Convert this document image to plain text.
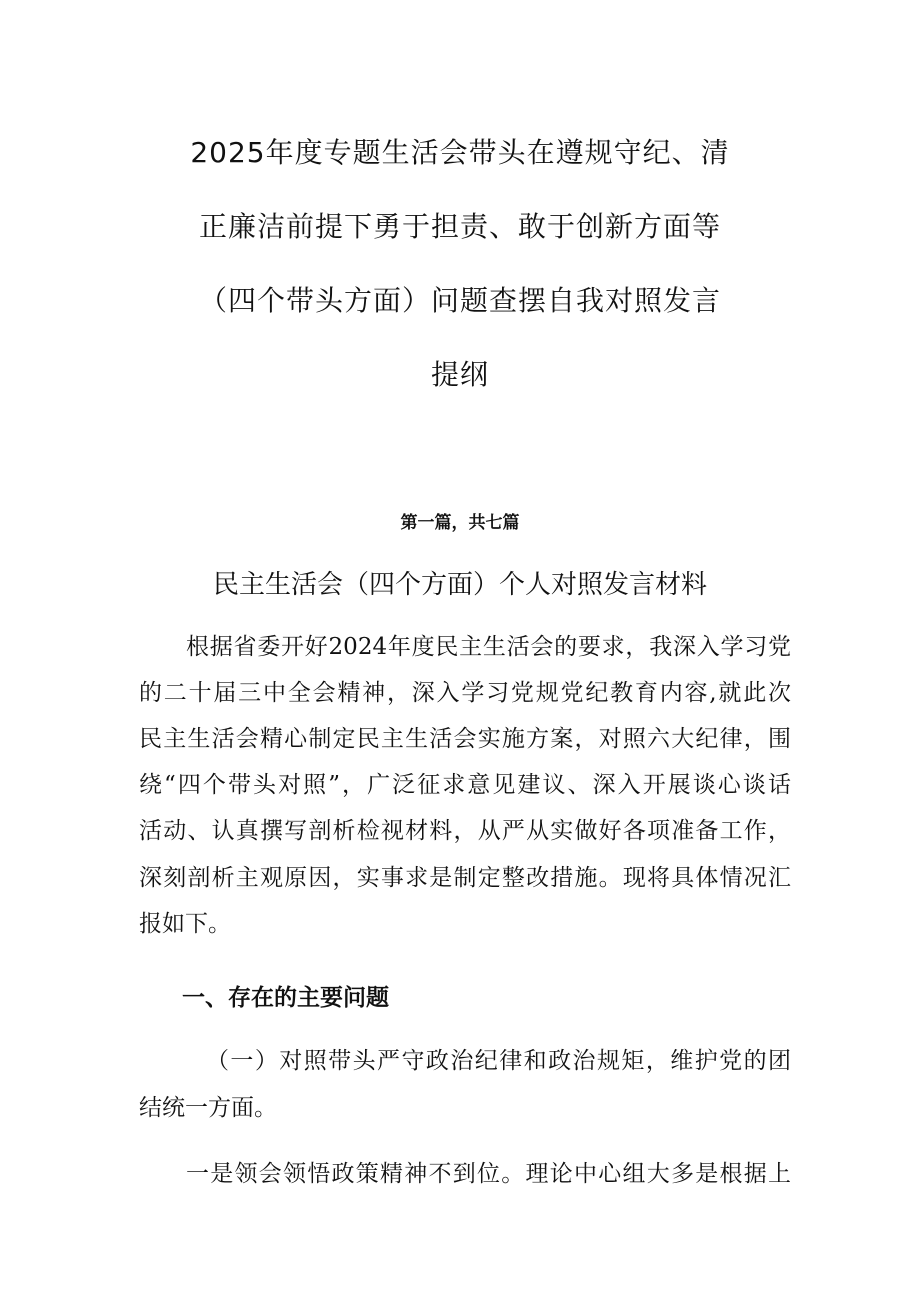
2025年度专题生活会带头在遵规守纪、清
正廉洁前提下勇于担责、敢于创新方面等
（四个带头方面）问题查摆自我对照发言
提纲
第一篇，共七篇
民主生活会（四个方面）个人对照发言材料
根据省委开好2024年度民主生活会的要求，我深入学习党
的二十届三中全会精神，深入学习党规党纪教育内容,就此次
民主生活会精心制定民主生活会实施方案，对照六大纪律，围
绕“四个带头对照”，广泛征求意见建议、深入开展谈心谈话
活动、认真撰写剖析检视材料，从严从实做好各项准备工作，
深刻剖析主观原因，实事求是制定整改措施。现将具体情况汇
报如下。
一、存在的主要问题
（一）对照带头严守政治纪律和政治规矩，维护党的团
结统一方面。
一是领会领悟政策精神不到位。理论中心组大多是根据上
